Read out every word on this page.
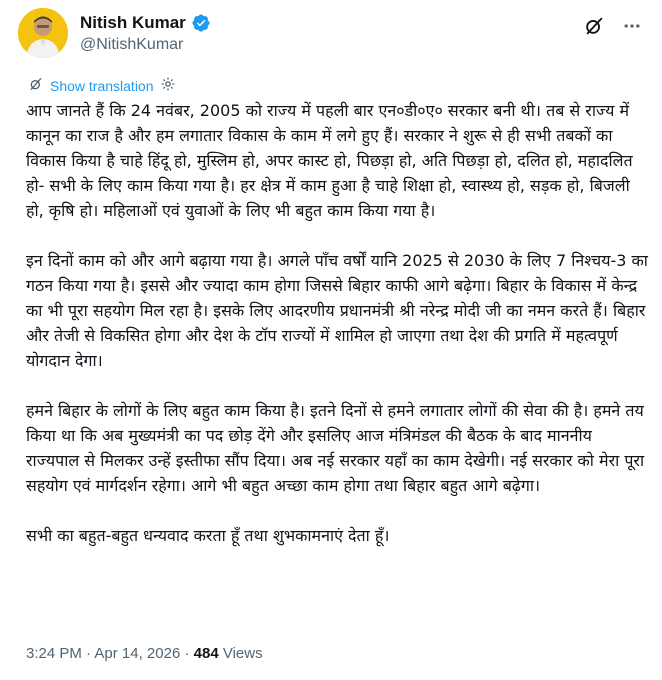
Nitish Kumar
@NitishKumar
Show translation

आप जानते हैं कि 24 नवंबर, 2005 को राज्य में पहली बार एन०डी०ए० सरकार बनी थी। तब से राज्य में कानून का राज है और हम लगातार विकास के काम में लगे हुए हैं। सरकार ने शुरू से ही सभी तबकों का विकास किया है चाहे हिंदू हो, मुस्लिम हो, अपर कास्ट हो, पिछड़ा हो, अति पिछड़ा हो, दलित हो, महादलित हो- सभी के लिए काम किया गया है। हर क्षेत्र में काम हुआ है चाहे शिक्षा हो, स्वास्थ्य हो, सड़क हो, बिजली हो, कृषि हो। महिलाओं एवं युवाओं के लिए भी बहुत काम किया गया है।

इन दिनों काम को और आगे बढ़ाया गया है। अगले पाँच वर्षों यानि 2025 से 2030 के लिए 7 निश्चय-3 का गठन किया गया है। इससे और ज्यादा काम होगा जिससे बिहार काफी आगे बढ़ेगा। बिहार के विकास में केन्द्र का भी पूरा सहयोग मिल रहा है। इसके लिए आदरणीय प्रधानमंत्री श्री नरेन्द्र मोदी जी का नमन करते हैं। बिहार और तेजी से विकसित होगा और देश के टॉप राज्यों में शामिल हो जाएगा तथा देश की प्रगति में महत्वपूर्ण योगदान देगा।

हमने बिहार के लोगों के लिए बहुत काम किया है। इतने दिनों से हमने लगातार लोगों की सेवा की है। हमने तय किया था कि अब मुख्यमंत्री का पद छोड़ देंगे और इसलिए आज मंत्रिमंडल की बैठक के बाद माननीय राज्यपाल से मिलकर उन्हें इस्तीफा सौंप दिया। अब नई सरकार यहाँ का काम देखेगी। नई सरकार को मेरा पूरा सहयोग एवं मार्गदर्शन रहेगा। आगे भी बहुत अच्छा काम होगा तथा बिहार बहुत आगे बढ़ेगा।

सभी का बहुत-बहुत धन्यवाद करता हूँ तथा शुभकामनाएं देता हूँ।

3:24 PM · Apr 14, 2026 · 484 Views
